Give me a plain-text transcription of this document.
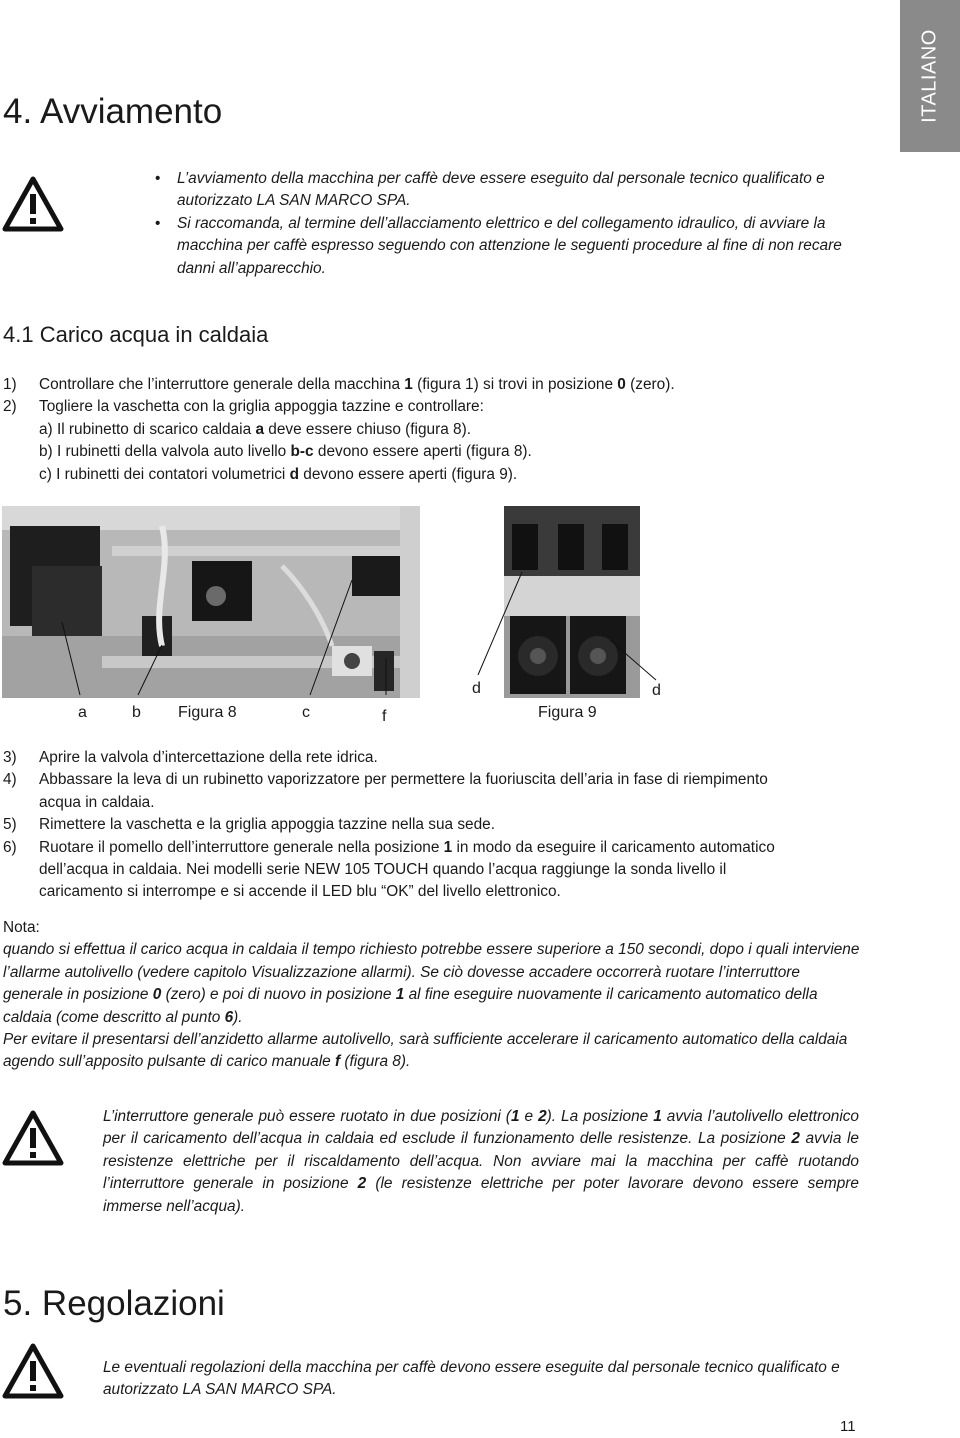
ITALIANO
4. Avviamento
• L’avviamento della macchina per caffè deve essere eseguito dal personale tecnico qualificato e autorizzato LA SAN MARCO SPA.
• Si raccomanda, al termine dell’allacciamento elettrico e del collegamento idraulico, di avviare la macchina per caffè espresso seguendo con attenzione le seguenti procedure al fine di non recare danni all’apparecchio.
4.1 Carico acqua in caldaia
1) Controllare che l’interruttore generale della macchina 1 (figura 1) si trovi in posizione 0 (zero).
2) Togliere la vaschetta con la griglia appoggia tazzine e controllare:
a) Il rubinetto di scarico caldaia a deve essere chiuso (figura 8).
b) I rubinetti della valvola auto livello b-c devono essere aperti (figura 8).
c) I rubinetti dei contatori volumetrici d devono essere aperti (figura 9).
a	b Figura 8	c	f
d
Figura 9
d
3) Aprire la valvola d’intercettazione della rete idrica.
4) Abbassare la leva di un rubinetto vaporizzatore per permettere la fuoriuscita dell’aria in fase di riempimento acqua in caldaia.
5) Rimettere la vaschetta e la griglia appoggia tazzine nella sua sede.
6) Ruotare il pomello dell’interruttore generale nella posizione 1 in modo da eseguire il caricamento automatico dell’acqua in caldaia. Nei modelli serie NEW 105 TOUCH quando l’acqua raggiunge la sonda livello il caricamento si interrompe e si accende il LED blu “OK” del livello elettronico.
Nota:
quando si effettua il carico acqua in caldaia il tempo richiesto potrebbe essere superiore a 150 secondi, dopo i quali interviene l’allarme autolivello (vedere capitolo Visualizzazione allarmi). Se ciò dovesse accadere occorrerà ruotare l’interruttore generale in posizione 0 (zero) e poi di nuovo in posizione 1 al fine eseguire nuovamente il caricamento automatico della caldaia (come descritto al punto 6).
Per evitare il presentarsi dell’anzidetto allarme autolivello, sarà sufficiente accelerare il caricamento automatico della caldaia agendo sull’apposito pulsante di carico manuale f (figura 8).
L’interruttore generale può essere ruotato in due posizioni (1 e 2). La posizione 1 avvia l’autolivello elettronico per il caricamento dell’acqua in caldaia ed esclude il funzionamento delle resistenze. La posizione 2 avvia le resistenze elettriche per il riscaldamento dell’acqua. Non avviare mai la macchina per caffè ruotando l’interruttore generale in posizione 2 (le resistenze elettriche per poter lavorare devono essere sempre immerse nell’acqua).
5. Regolazioni
Le eventuali regolazioni della macchina per caffè devono essere eseguite dal personale tecnico qualificato e autorizzato LA SAN MARCO SPA.
11
